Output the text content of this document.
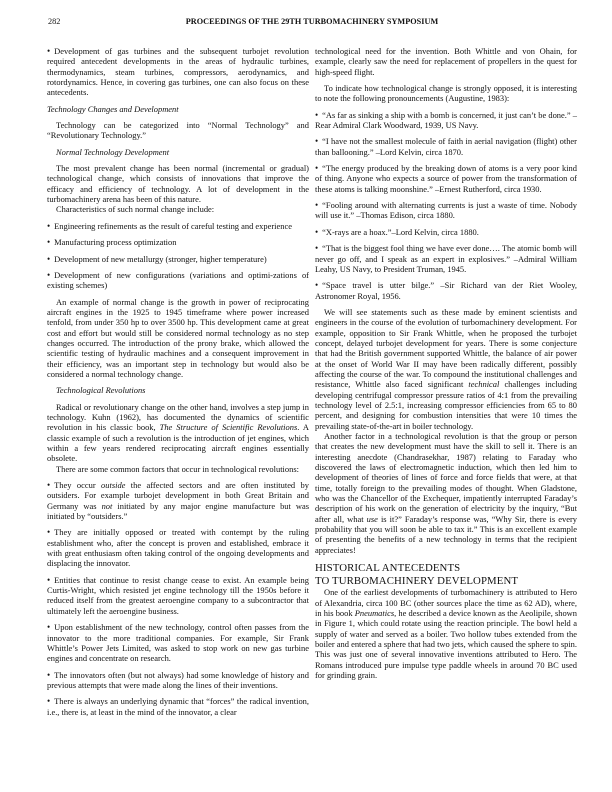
282	PROCEEDINGS OF THE 29TH TURBOMACHINERY SYMPOSIUM

• Development of gas turbines and the subsequent turbojet revolution required antecedent developments in the areas of hydraulic turbines, thermodynamics, steam turbines, compressors, aerodynamics, and rotordynamics. Hence, in covering gas turbines, one can also focus on these antecedents.

Technology Changes and Development

Technology can be categorized into “Normal Technology” and “Revolutionary Technology.”

Normal Technology Development

The most prevalent change has been normal (incremental or gradual) technological change, which consists of innovations that improve the efficacy and efficiency of technology. A lot of development in the turbomachinery arena has been of this nature.

Characteristics of such normal change include:

• Engineering refinements as the result of careful testing and experience

• Manufacturing process optimization

• Development of new metallurgy (stronger, higher temperature)

• Development of new configurations (variations and optimi-zations of existing schemes)

An example of normal change is the growth in power of reciprocating aircraft engines in the 1925 to 1945 timeframe where power increased tenfold, from under 350 hp to over 3500 hp. This development came at great cost and effort but would still be considered normal technology as no step changes occurred. The introduction of the prony brake, which allowed the scientific testing of hydraulic machines and a consequent improvement in their efficiency, was an important step in technology but would also be considered a normal technology change.

Technological Revolutions

Radical or revolutionary change on the other hand, involves a step jump in technology. Kuhn (1962), has documented the dynamics of scientific revolution in his classic book, The Structure of Scientific Revolutions. A classic example of such a revolution is the introduction of jet engines, which within a few years rendered reciprocating aircraft engines essentially obsolete.

There are some common factors that occur in technological revolutions:

• They occur outside the affected sectors and are often instituted by outsiders. For example turbojet development in both Great Britain and Germany was not initiated by any major engine manufacture but was initiated by “outsiders.”

• They are initially opposed or treated with contempt by the ruling establishment who, after the concept is proven and established, embrace it with great enthusiasm often taking control of the ongoing developments and displacing the innovator.

• Entities that continue to resist change cease to exist. An example being Curtis-Wright, which resisted jet engine technology till the 1950s before it reduced itself from the greatest aeroengine company to a subcontractor that ultimately left the aeroengine business.

• Upon establishment of the new technology, control often passes from the innovator to the more traditional companies. For example, Sir Frank Whittle’s Power Jets Limited, was asked to stop work on new gas turbine engines and concentrate on research.

• The innovators often (but not always) had some knowledge of history and previous attempts that were made along the lines of their inventions.

• There is always an underlying dynamic that “forces” the radical invention, i.e., there is, at least in the mind of the innovator, a clear

technological need for the invention. Both Whittle and von Ohain, for example, clearly saw the need for replacement of propellers in the quest for high-speed flight.

To indicate how technological change is strongly opposed, it is interesting to note the following pronouncements (Augustine, 1983):

• “As far as sinking a ship with a bomb is concerned, it just can’t be done.” –Rear Admiral Clark Woodward, 1939, US Navy.

• “I have not the smallest molecule of faith in aerial navigation (flight) other than ballooning.” –Lord Kelvin, circa 1870.

• “The energy produced by the breaking down of atoms is a very poor kind of thing. Anyone who expects a source of power from the transformation of these atoms is talking moonshine.” –Ernest Rutherford, circa 1930.

• “Fooling around with alternating currents is just a waste of time. Nobody will use it.” –Thomas Edison, circa 1880.

• “X-rays are a hoax.”–Lord Kelvin, circa 1880.

• “That is the biggest fool thing we have ever done…. The atomic bomb will never go off, and I speak as an expert in explosives.” –Admiral William Leahy, US Navy, to President Truman, 1945.

• “Space travel is utter bilge.” –Sir Richard van der Riet Wooley, Astronomer Royal, 1956.

We will see statements such as these made by eminent scientists and engineers in the course of the evolution of turbomachinery development. For example, opposition to Sir Frank Whittle, when he proposed the turbojet concept, delayed turbojet development for years. There is some conjecture that had the British government supported Whittle, the balance of air power at the onset of World War II may have been radically different, possibly affecting the course of the war. To compound the institutional challenges and resistance, Whittle also faced significant technical challenges including developing centrifugal compressor pressure ratios of 4:1 from the prevailing technology level of 2.5:1, increasing compressor efficiencies from 65 to 80 percent, and designing for combustion intensities that were 10 times the prevailing state-of-the-art in boiler technology.

Another factor in a technological revolution is that the group or person that creates the new development must have the skill to sell it. There is an interesting anecdote (Chandrasekhar, 1987) relating to Faraday who discovered the laws of electromagnetic induction, which then led him to development of theories of lines of force and force fields that were, at that time, totally foreign to the prevailing modes of thought. When Gladstone, who was the Chancellor of the Exchequer, impatiently interrupted Faraday’s description of his work on the generation of electricity by the inquiry, “But after all, what use is it?” Faraday’s response was, “Why Sir, there is every probability that you will soon be able to tax it.” This is an excellent example of presenting the benefits of a new technology in terms that the recipient appreciates!

HISTORICAL ANTECEDENTS
TO TURBOMACHINERY DEVELOPMENT

One of the earliest developments of turbomachinery is attributed to Hero of Alexandria, circa 100 BC (other sources place the time as 62 AD), where, in his book Pneumatics, he described a device known as the Aeolipile, shown in Figure 1, which could rotate using the reaction principle. The bowl held a supply of water and served as a boiler. Two hollow tubes extended from the boiler and entered a sphere that had two jets, which caused the sphere to spin. This was just one of several innovative inventions attributed to Hero. The Romans introduced pure impulse type paddle wheels in around 70 BC used for grinding grain.
